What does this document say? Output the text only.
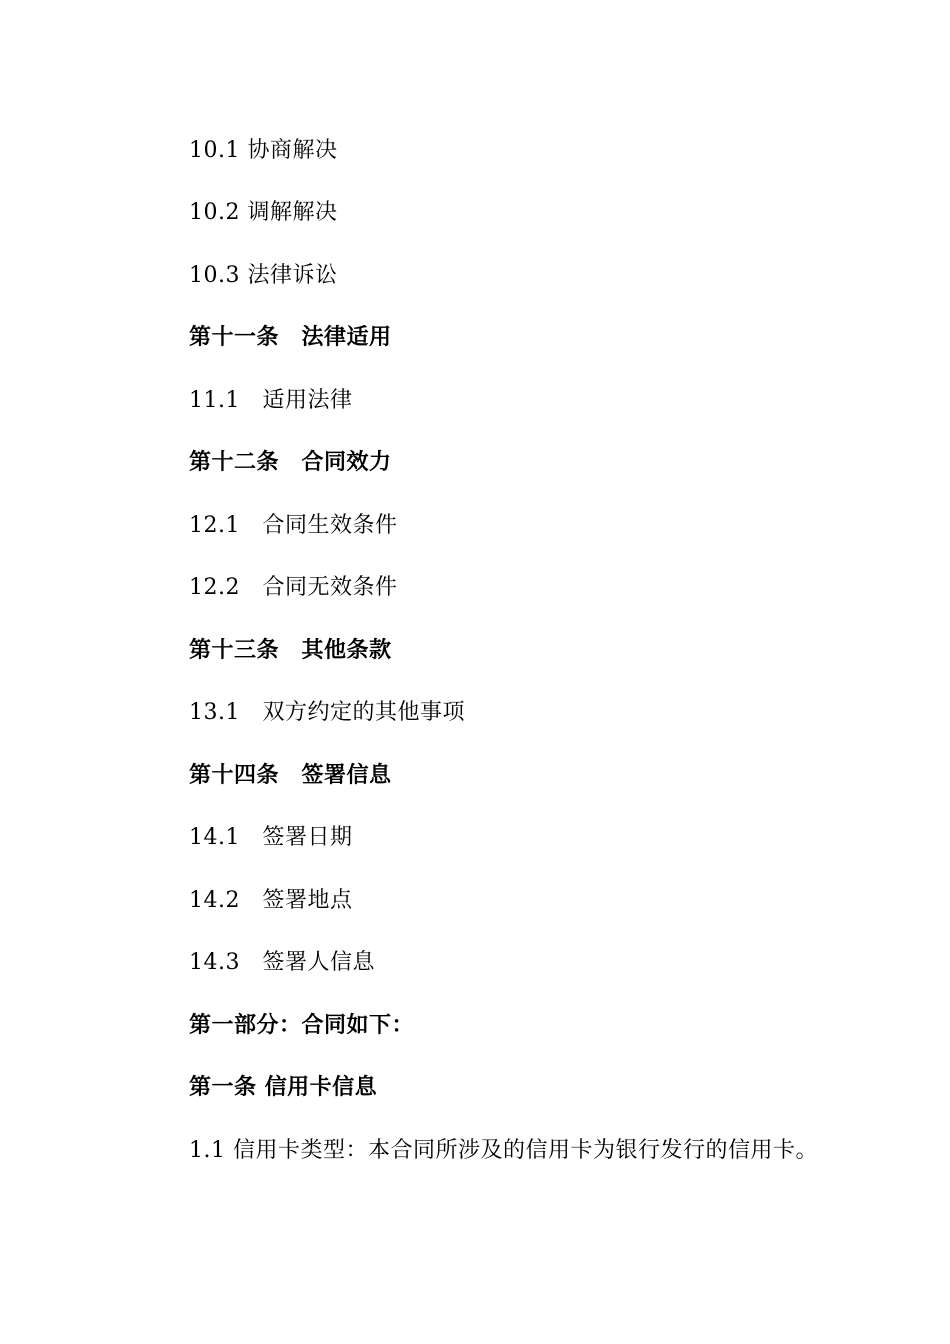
10.1 协商解决
10.2 调解解决
10.3 法律诉讼
第十一条　法律适用
11.1　适用法律
第十二条　合同效力
12.1　合同生效条件
12.2　合同无效条件
第十三条　其他条款
13.1　双方约定的其他事项
第十四条　签署信息
14.1　签署日期
14.2　签署地点
14.3　签署人信息
第一部分：合同如下：
第一条 信用卡信息
1.1 信用卡类型：本合同所涉及的信用卡为银行发行的信用卡。
